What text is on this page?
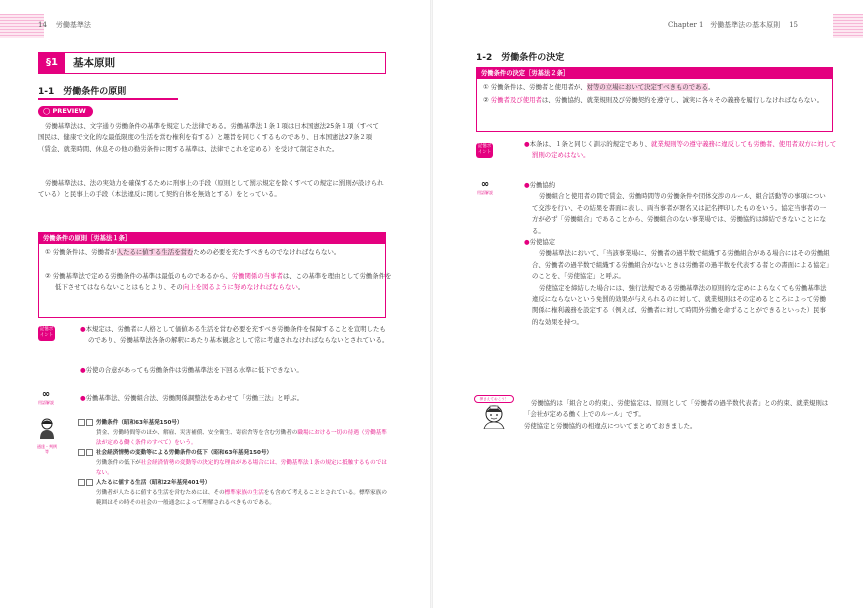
14 労働基準法
§1	基本原則
1-1　労働条件の原則
◯ PREVIEW
労働基準法は、文字通り労働条件の基準を規定した法律である。労働基準法１条１項は日本国憲法25条１項（すべて国民は、健康で文化的な最低限度の生活を営む権利を有する）と趣旨を同じくするものであり、日本国憲法27条２項（賃金、就業時間、休息その他の勤労条件に関する基準は、法律でこれを定める）を受けて制定された。
労働基準法は、法の実効力を確保するために刑事上の手段（原則として罰示規定を除くすべての規定に罰則が設けられている）と民事上の手段（本法違反に関して契約自体を無効とする）をとっている。
労働条件の原則［労基法１条］
① 労働条件は、労働者が人たるに値する生活を営むための必要を充たすべきものでなければならない。
② 労働基準法で定める労働条件の基準は最低のものであるから、労働関係の当事者は、この基準を理由として労働条件を低下させてはならないことはもとより、その向上を図るように努めなければならない。
記憶ポイント
●本規定は、労働者に人格として価値ある生活を営む必要を充すべき労働条件を保障することを宣明したものであり、労働基準法各条の解釈にあたり基本観念として常に考慮されなければならないとされている。
●労使の合意があっても労働条件は労働基準法を下回る水準に低下できない。
∞
用語解説
●労働基準法、労働組合法、労働関係調整法をあわせて「労働三法」と呼ぶ。
通達・判例等
労働条件（昭和63年基発150号）
賃金、労働時間等のほか、解雇、災害補償、安全衛生、寄宿舎等を含む労働者の職場における一切の待遇（労働基準法が定める働く条件のすべて）をいう。
社会経済情勢の変動等による労働条件の低下（昭和63年基発150号）
労働条件の低下が社会経済情勢の変動等の決定的な理由がある場合には、労働基準法１条の規定に抵触するものではない。
人たるに値する生活（昭和22年基発401号）
労働者が人たるに値する生活を営むためには、その標準家族の生活をも含めて考えることとされている。標準家族の範囲はその時その社会の一般通念によって理解されるべきものである。
Chapter 1 労働基準法の基本原則 15
1-2　労働条件の決定
労働条件の決定［労基法２条］
① 労働条件は、労働者と使用者が、対等の立場において決定すべきものである。
② 労働者及び使用者は、労働協約、就業規則及び労働契約を遵守し、誠実に各々その義務を履行しなければならない。
記憶ポイント
●本条は、１条と同じく訓示的規定であり、就業規則等の遵守義務に違反しても労働者、使用者双方に対して罰則の定めはない。
∞
用語解説
●労働協約
労働組合と使用者の間で賃金、労働時間等の労働条件や団体交渉のルール、組合活動等の事項について交渉を行い、その結果を書面に表し、両当事者が署名又は記名押印したものをいう。協定当事者の一方が必ず「労働組合」であることから、労働組合のない事業場では、労働協約は締結できないことになる。
●労使協定
労働基準法において、「当該事業場に、労働者の過半数で組織する労働組合がある場合にはその労働組合、労働者の過半数で組織する労働組合がないときは労働者の過半数を代表する者との書面による協定」のことを、「労使協定」と呼ぶ。
労使協定を締結した場合には、強行法規である労働基準法の原則的な定めによらなくても労働基準法違反にならないという免罰的効果が与えられるのに対して、就業規則はその定めるところによって労働関係に権利義務を設定する（例えば、労働者に対して時間外労働を命ずることができるといった）民事的な効果を持つ。
押さえておこう！	労働協約は「組合との約束」、労使協定は、原則として「労働者の過半数代表者」との約束、就業規則は「会社が定める働く上でのルール」です。
労使協定と労働協約の相違点についてまとめておきました。
